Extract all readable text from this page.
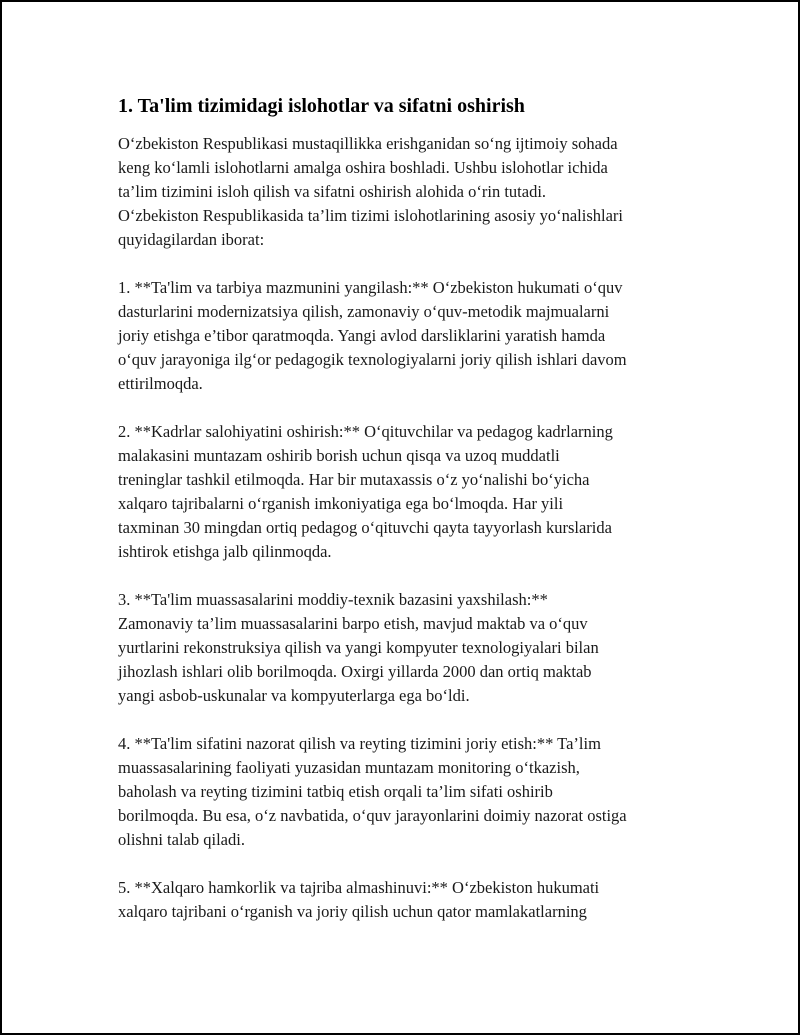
1. Ta'lim tizimidagi islohotlar va sifatni oshirish

O‘zbekiston Respublikasi mustaqillikka erishganidan so‘ng ijtimoiy sohada
keng ko‘lamli islohotlarni amalga oshira boshladi. Ushbu islohotlar ichida
ta’lim tizimini isloh qilish va sifatni oshirish alohida o‘rin tutadi.
O‘zbekiston Respublikasida ta’lim tizimi islohotlarining asosiy yo‘nalishlari
quyidagilardan iborat:

1. **Ta'lim va tarbiya mazmunini yangilash:** O‘zbekiston hukumati o‘quv
dasturlarini modernizatsiya qilish, zamonaviy o‘quv-metodik majmualarni
joriy etishga e’tibor qaratmoqda. Yangi avlod darsliklarini yaratish hamda
o‘quv jarayoniga ilg‘or pedagogik texnologiyalarni joriy qilish ishlari davom
ettirilmoqda.

2. **Kadrlar salohiyatini oshirish:** O‘qituvchilar va pedagog kadrlarning
malakasini muntazam oshirib borish uchun qisqa va uzoq muddatli
treninglar tashkil etilmoqda. Har bir mutaxassis o‘z yo‘nalishi bo‘yicha
xalqaro tajribalarni o‘rganish imkoniyatiga ega bo‘lmoqda. Har yili
taxminan 30 mingdan ortiq pedagog o‘qituvchi qayta tayyorlash kurslarida
ishtirok etishga jalb qilinmoqda.

3. **Ta'lim muassasalarini moddiy-texnik bazasini yaxshilash:**
Zamonaviy ta’lim muassasalarini barpo etish, mavjud maktab va o‘quv
yurtlarini rekonstruksiya qilish va yangi kompyuter texnologiyalari bilan
jihozlash ishlari olib borilmoqda. Oxirgi yillarda 2000 dan ortiq maktab
yangi asbob-uskunalar va kompyuterlarga ega bo‘ldi.

4. **Ta'lim sifatini nazorat qilish va reyting tizimini joriy etish:** Ta’lim
muassasalarining faoliyati yuzasidan muntazam monitoring o‘tkazish,
baholash va reyting tizimini tatbiq etish orqali ta’lim sifati oshirib
borilmoqda. Bu esa, o‘z navbatida, o‘quv jarayonlarini doimiy nazorat ostiga
olishni talab qiladi.

5. **Xalqaro hamkorlik va tajriba almashinuvi:** O‘zbekiston hukumati
xalqaro tajribani o‘rganish va joriy qilish uchun qator mamlakatlarning
